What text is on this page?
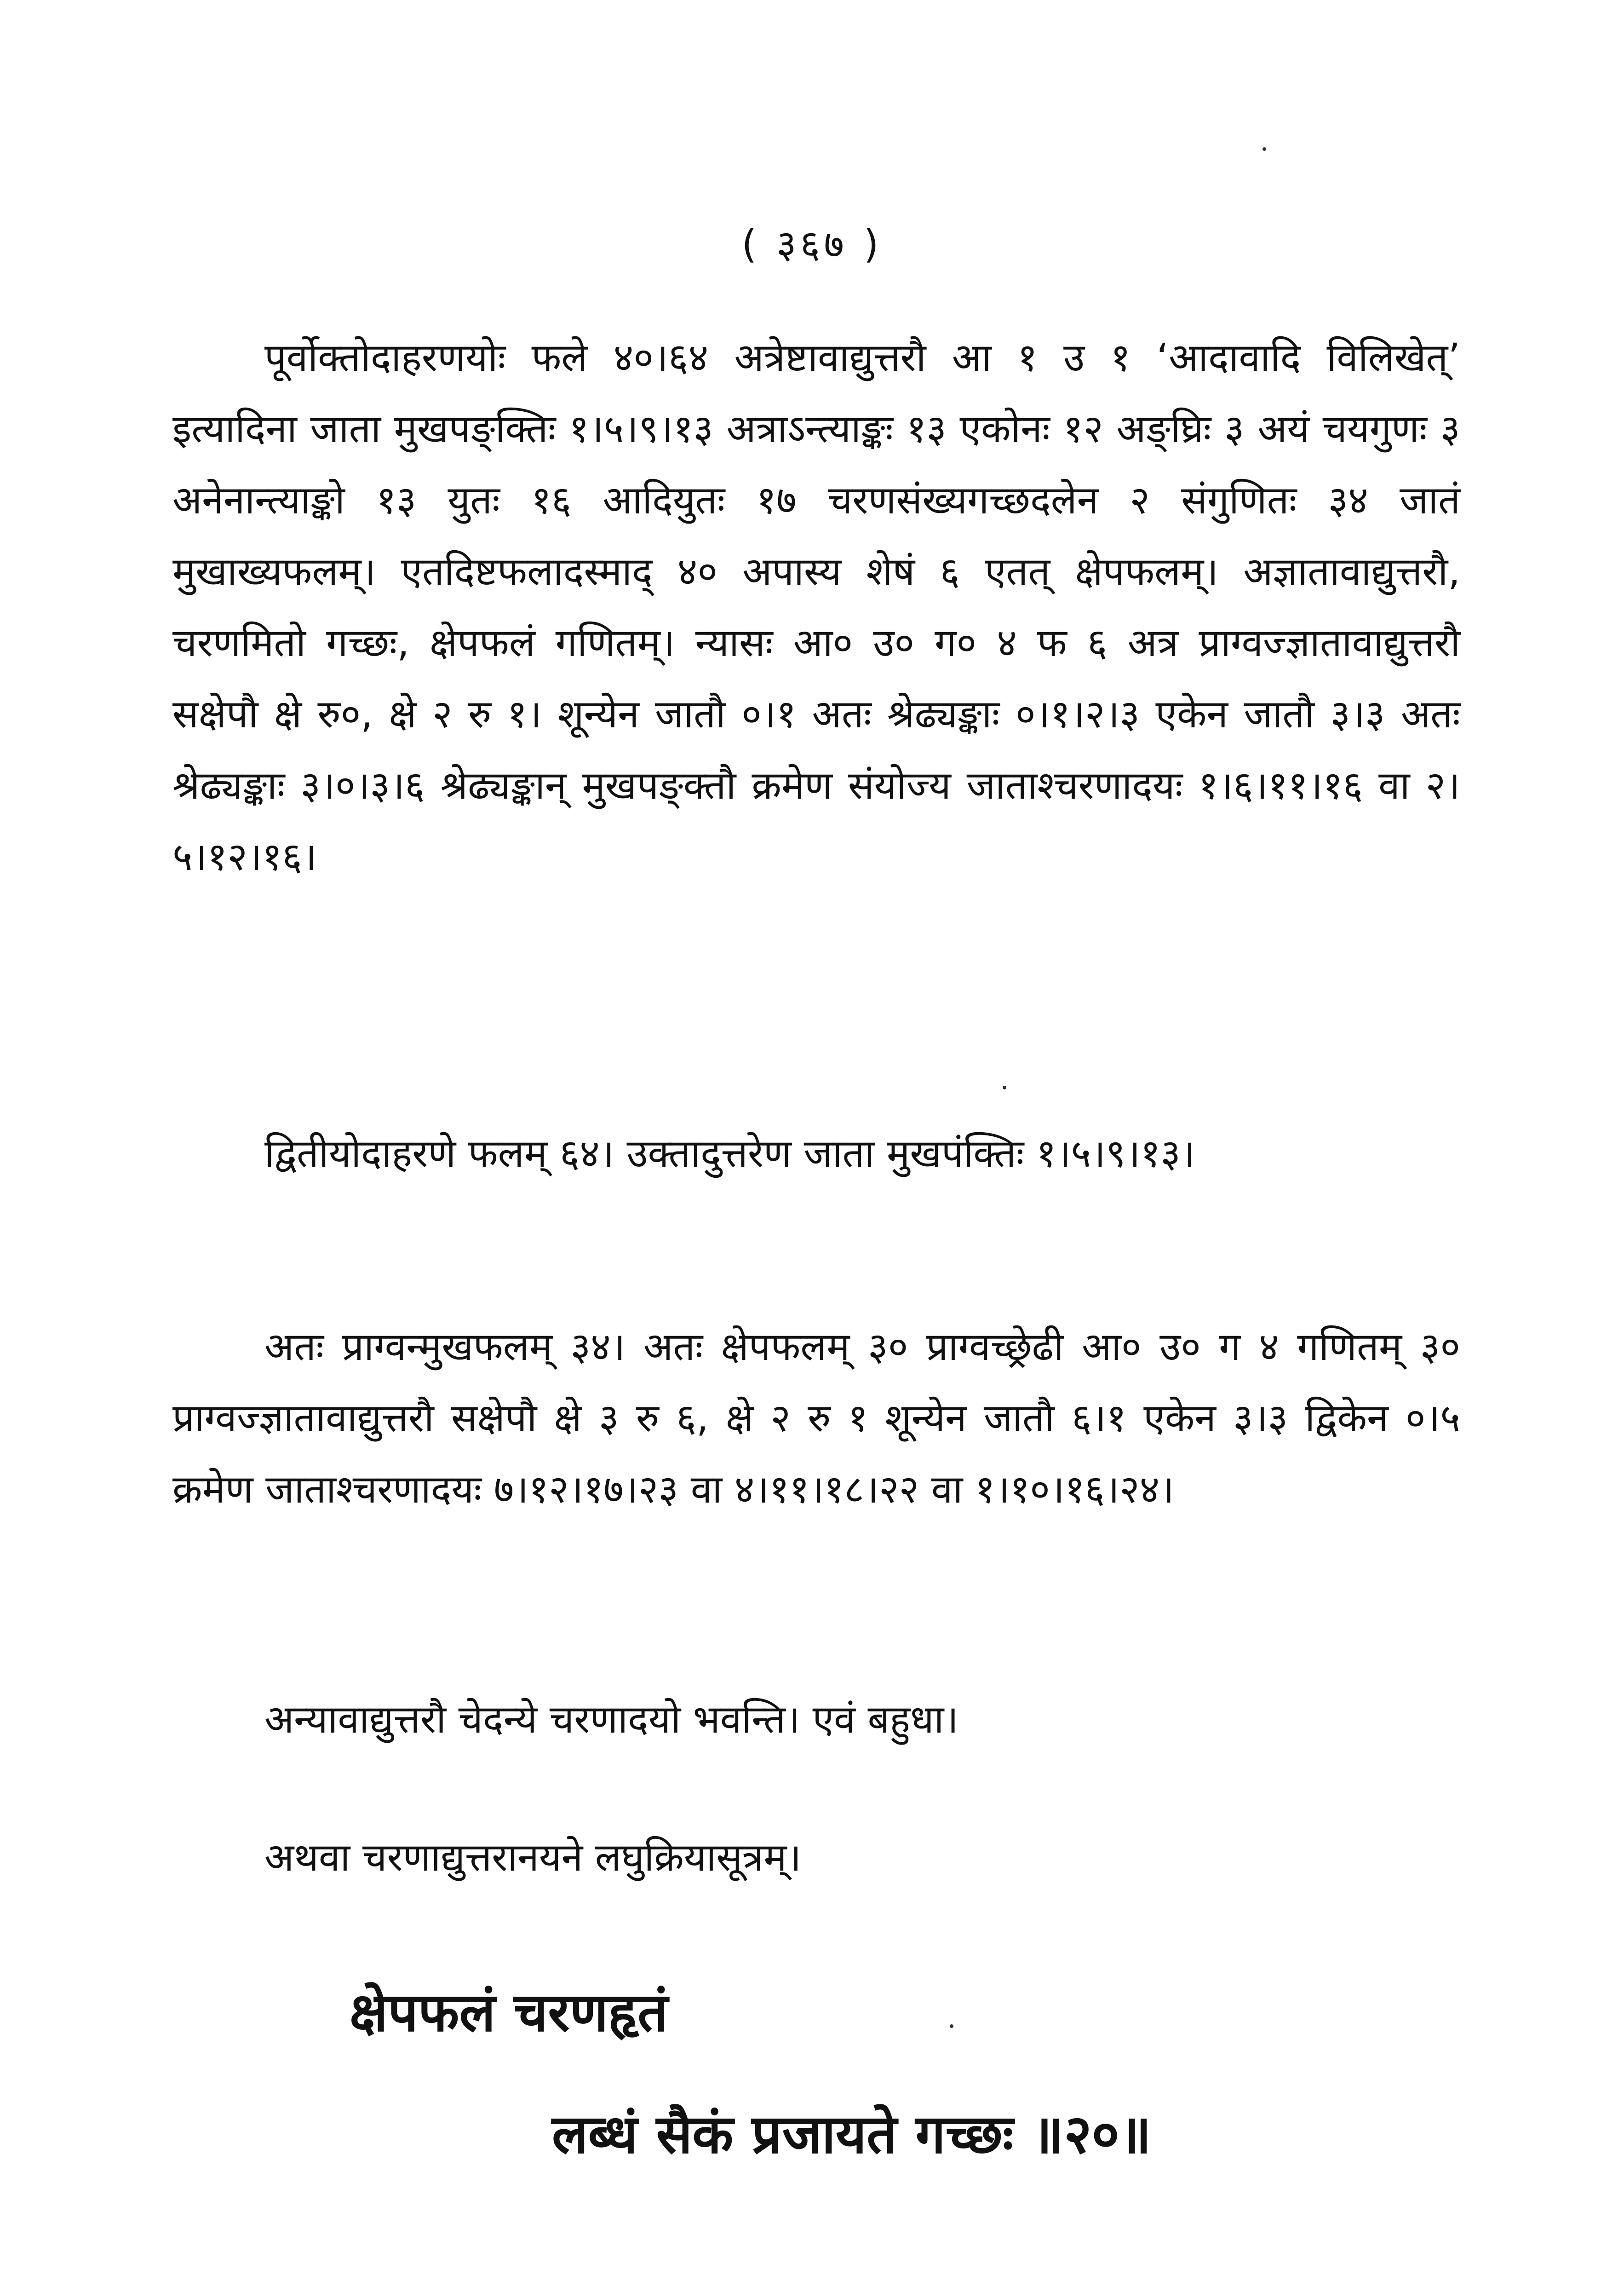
( ३६७ )

पूर्वोक्तोदाहरणयोः फले ४०।६४ अत्रेष्टावाद्युत्तरौ आ १ उ १ ‘आदावादि विलिखेत्’ इत्यादिना जाता मुखपङ्क्तिः १।५।९।१३ अत्राऽन्त्याङ्कः १३ एकोनः १२ अङ्घ्रिः ३ अयं चयगुणः ३ अनेनान्त्याङ्को १३ युतः १६ आदियुतः १७ चरणसंख्यगच्छदलेन २ संगुणितः ३४ जातं मुखाख्यफलम्। एतदिष्टफलादस्माद् ४० अपास्य शेषं ६ एतत् क्षेपफलम्। अज्ञातावाद्युत्तरौ, चरणमितो गच्छः, क्षेपफलं गणितम्। न्यासः आ० उ० ग० ४ फ ६ अत्र प्राग्वज्ज्ञातावाद्युत्तरौ सक्षेपौ क्षे रु०, क्षे २ रु १। शून्येन जातौ ०।१ अतः श्रेढ्यङ्काः ०।१।२।३ एकेन जातौ ३।३ अतः श्रेढ्यङ्काः ३।०।३।६ श्रेढ्यङ्कान् मुखपङ्क्तौ क्रमेण संयोज्य जाताश्चरणादयः १।६।११।१६ वा २।५।१२।१६।

द्वितीयोदाहरणे फलम् ६४। उक्तादुत्तरेण जाता मुखपंक्तिः १।५।९।१३।

अतः प्राग्वन्मुखफलम् ३४। अतः क्षेपफलम् ३० प्राग्वच्छ्रेढी आ० उ० ग ४ गणितम् ३० प्राग्वज्ज्ञातावाद्युत्तरौ सक्षेपौ क्षे ३ रु ६, क्षे २ रु १ शून्येन जातौ ६।१ एकेन ३।३ द्विकेन ०।५ क्रमेण जाताश्चरणादयः ७।१२।१७।२३ वा ४।११।१८।२२ वा १।१०।१६।२४।

अन्यावाद्युत्तरौ चेदन्ये चरणादयो भवन्ति। एवं बहुधा।

अथवा चरणाद्युत्तरानयने लघुक्रियासूत्रम्।

क्षेपफलं चरणहृतं
लब्धं सैकं प्रजायते गच्छः ॥२०॥
